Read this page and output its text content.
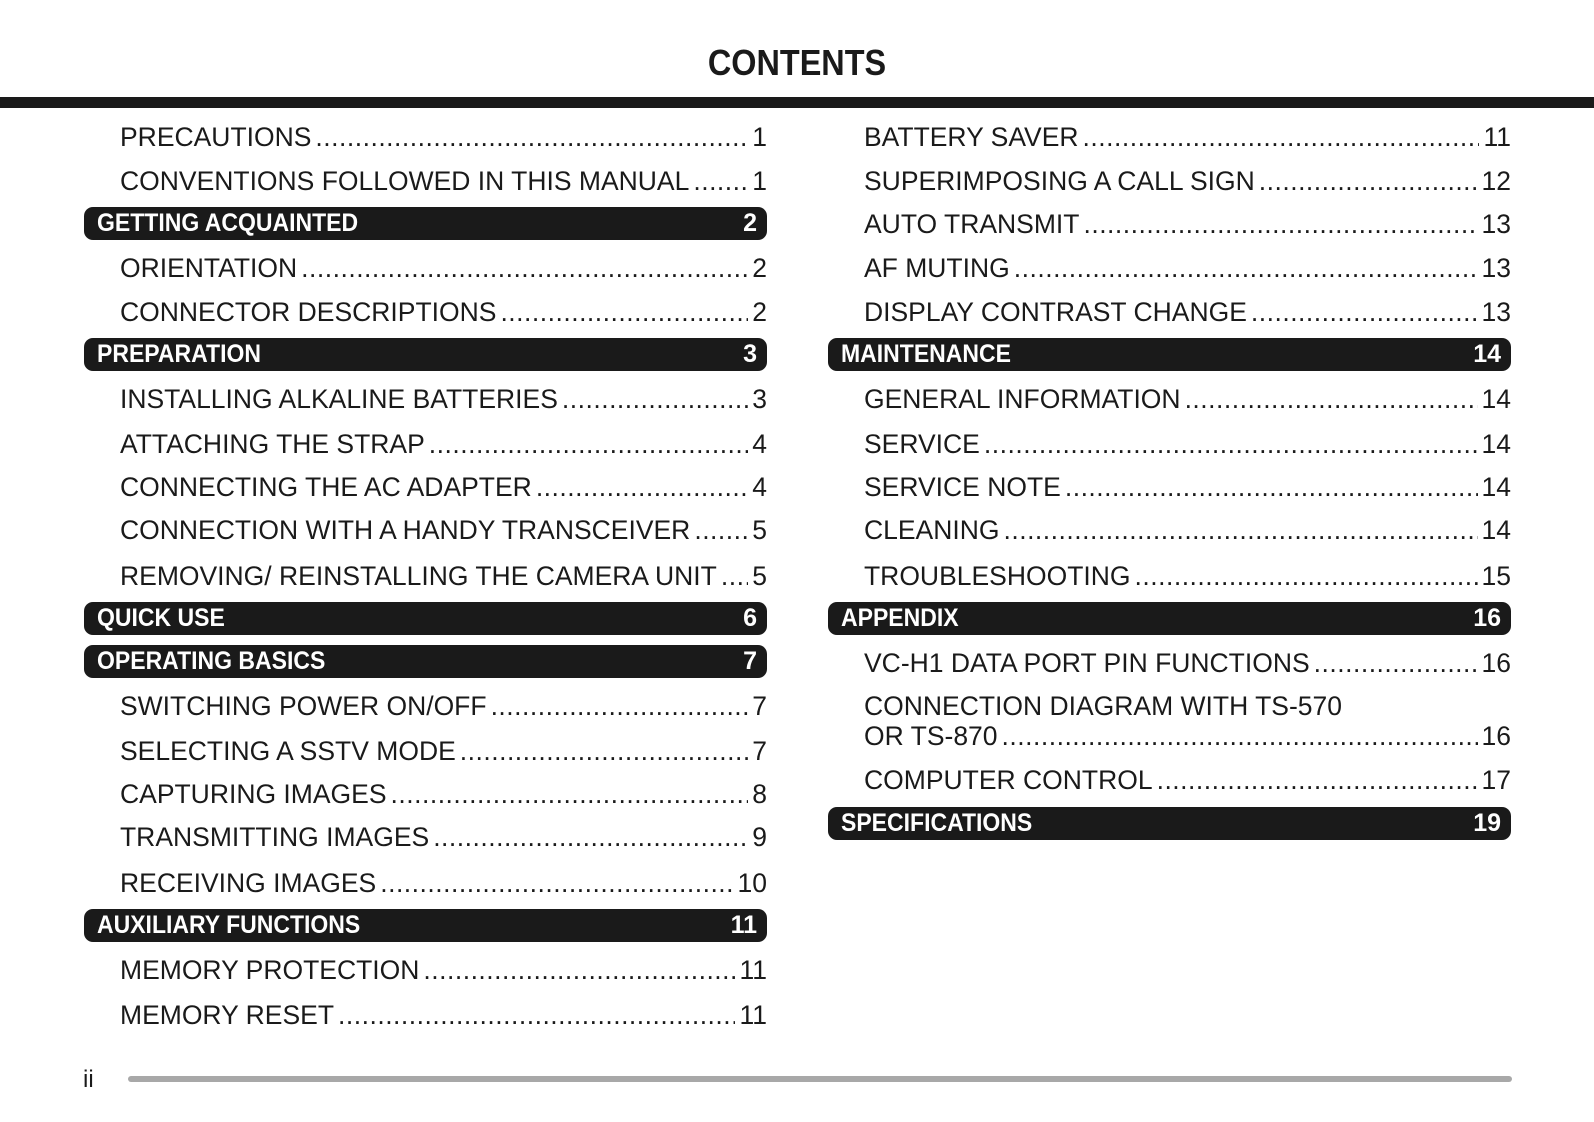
CONTENTS
PRECAUTIONS .....	1
CONVENTIONS FOLLOWED IN THIS MANUAL ..... 1
GETTING ACQUAINTED	2
ORIENTATION .....	2
CONNECTOR DESCRIPTIONS .....	2
PREPARATION	3
INSTALLING ALKALINE BATTERIES .....	3
ATTACHING THE STRAP .....	4
CONNECTING THE AC ADAPTER .....	4
CONNECTION WITH A HANDY TRANSCEIVER ..... 5
REMOVING/ REINSTALLING THE CAMERA UNIT ..... 5
QUICK USE	6
OPERATING BASICS	7
SWITCHING POWER ON/OFF .....	7
SELECTING A SSTV MODE .....	7
CAPTURING IMAGES .....	8
TRANSMITTING IMAGES .....	9
RECEIVING IMAGES .....	10
AUXILIARY FUNCTIONS	11
MEMORY PROTECTION .....	11
MEMORY RESET .....	11
BATTERY SAVER .....	11
SUPERIMPOSING A CALL SIGN .....	12
AUTO TRANSMIT .....	13
AF MUTING .....	13
DISPLAY CONTRAST CHANGE .....	13
MAINTENANCE	14
GENERAL INFORMATION .....	14
SERVICE .....	14
SERVICE NOTE .....	14
CLEANING .....	14
TROUBLESHOOTING .....	15
APPENDIX	16
VC-H1 DATA PORT PIN FUNCTIONS .....	16
CONNECTION DIAGRAM WITH TS-570
OR TS-870 .....	16
COMPUTER CONTROL .....	17
SPECIFICATIONS	19
ii
